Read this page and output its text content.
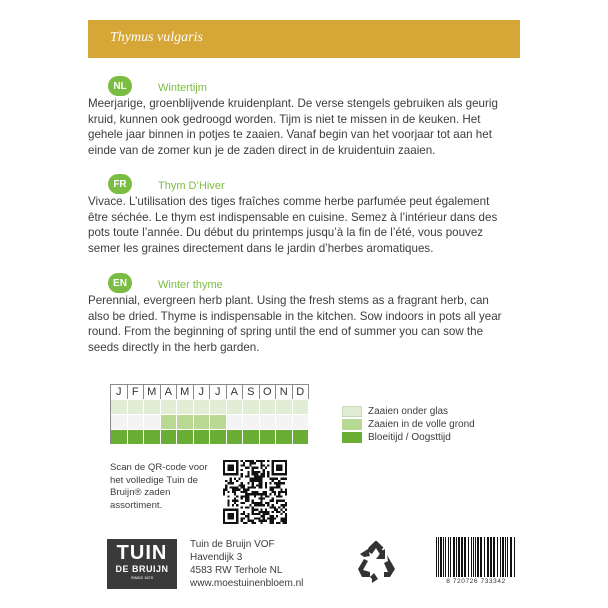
Thymus vulgaris
NL	Wintertijm
Meerjarige, groenblijvende kruidenplant. De verse stengels gebruiken als geurig kruid, kunnen ook gedroogd worden. Tijm is niet te missen in de keuken. Het gehele jaar binnen in potjes te zaaien. Vanaf begin van het voorjaar tot aan het einde van de zomer kun je de zaden direct in de kruidentuin zaaien.
FR	Thym D’Hiver
Vivace. L’utilisation des tiges fraîches comme herbe parfumée peut également être séchée. Le thym est indispensable en cuisine. Semez à l’intérieur dans des pots toute l’année. Du début du printemps jusqu’à la fin de l’été, vous pouvez semer les graines directement dans le jardin d’herbes aromatiques.
EN	Winter thyme
Perennial, evergreen herb plant. Using the fresh stems as a fragrant herb, can also be dried. Thyme is indispensable in the kitchen. Sow indoors in pots all year round. From the beginning of spring until the end of summer you can sow the seeds directly in the herb garden.
J F M A M J	J A S O N D
Zaaien onder glas
Zaaien in de volle grond
Bloeitijd / Oogsttijd
Scan de QR-code voor het volledige Tuin de Bruijn® zaden assortiment.
TUIN
DE BRUIJN
SINDS 1870
Tuin de Bruijn VOF
Havendijk 3
4583 RW Terhole NL
www.moestuinenbloem.nl	8 720726 733342
